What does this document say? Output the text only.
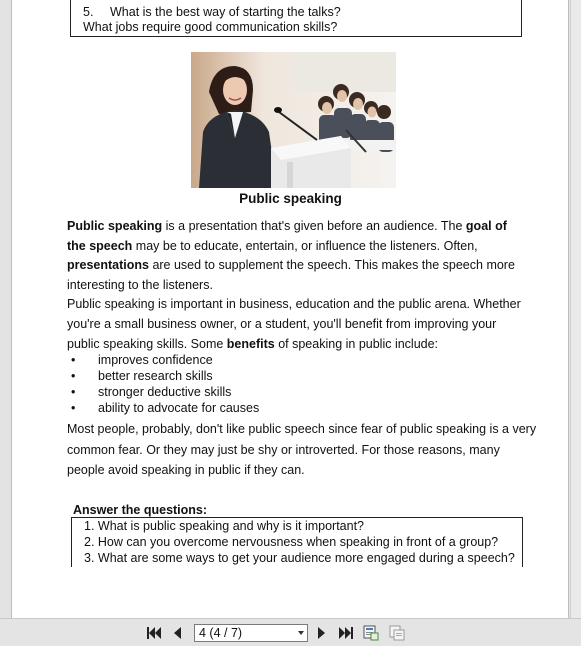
5. What is the best way of starting the talks?
What jobs require good communication skills?
Public speaking
Public speaking is a presentation that's given before an audience. The goal of the speech may be to educate, entertain, or influence the listeners. Often, presentations are used to supplement the speech. This makes the speech more interesting to the listeners.
Public speaking is important in business, education and the public arena. Whether you're a small business owner, or a student, you'll benefit from improving your public speaking skills. Some benefits of speaking in public include:
• improves confidence
• better research skills
• stronger deductive skills
• ability to advocate for causes
Most people, probably, don't like public speech since fear of public speaking is a very common fear. Or they may just be shy or introverted. For those reasons, many people avoid speaking in public if they can.
Answer the questions:
1. What is public speaking and why is it important?
2. How can you overcome nervousness when speaking in front of a group?
3. What are some ways to get your audience more engaged during a speech?
4 (4 / 7)
